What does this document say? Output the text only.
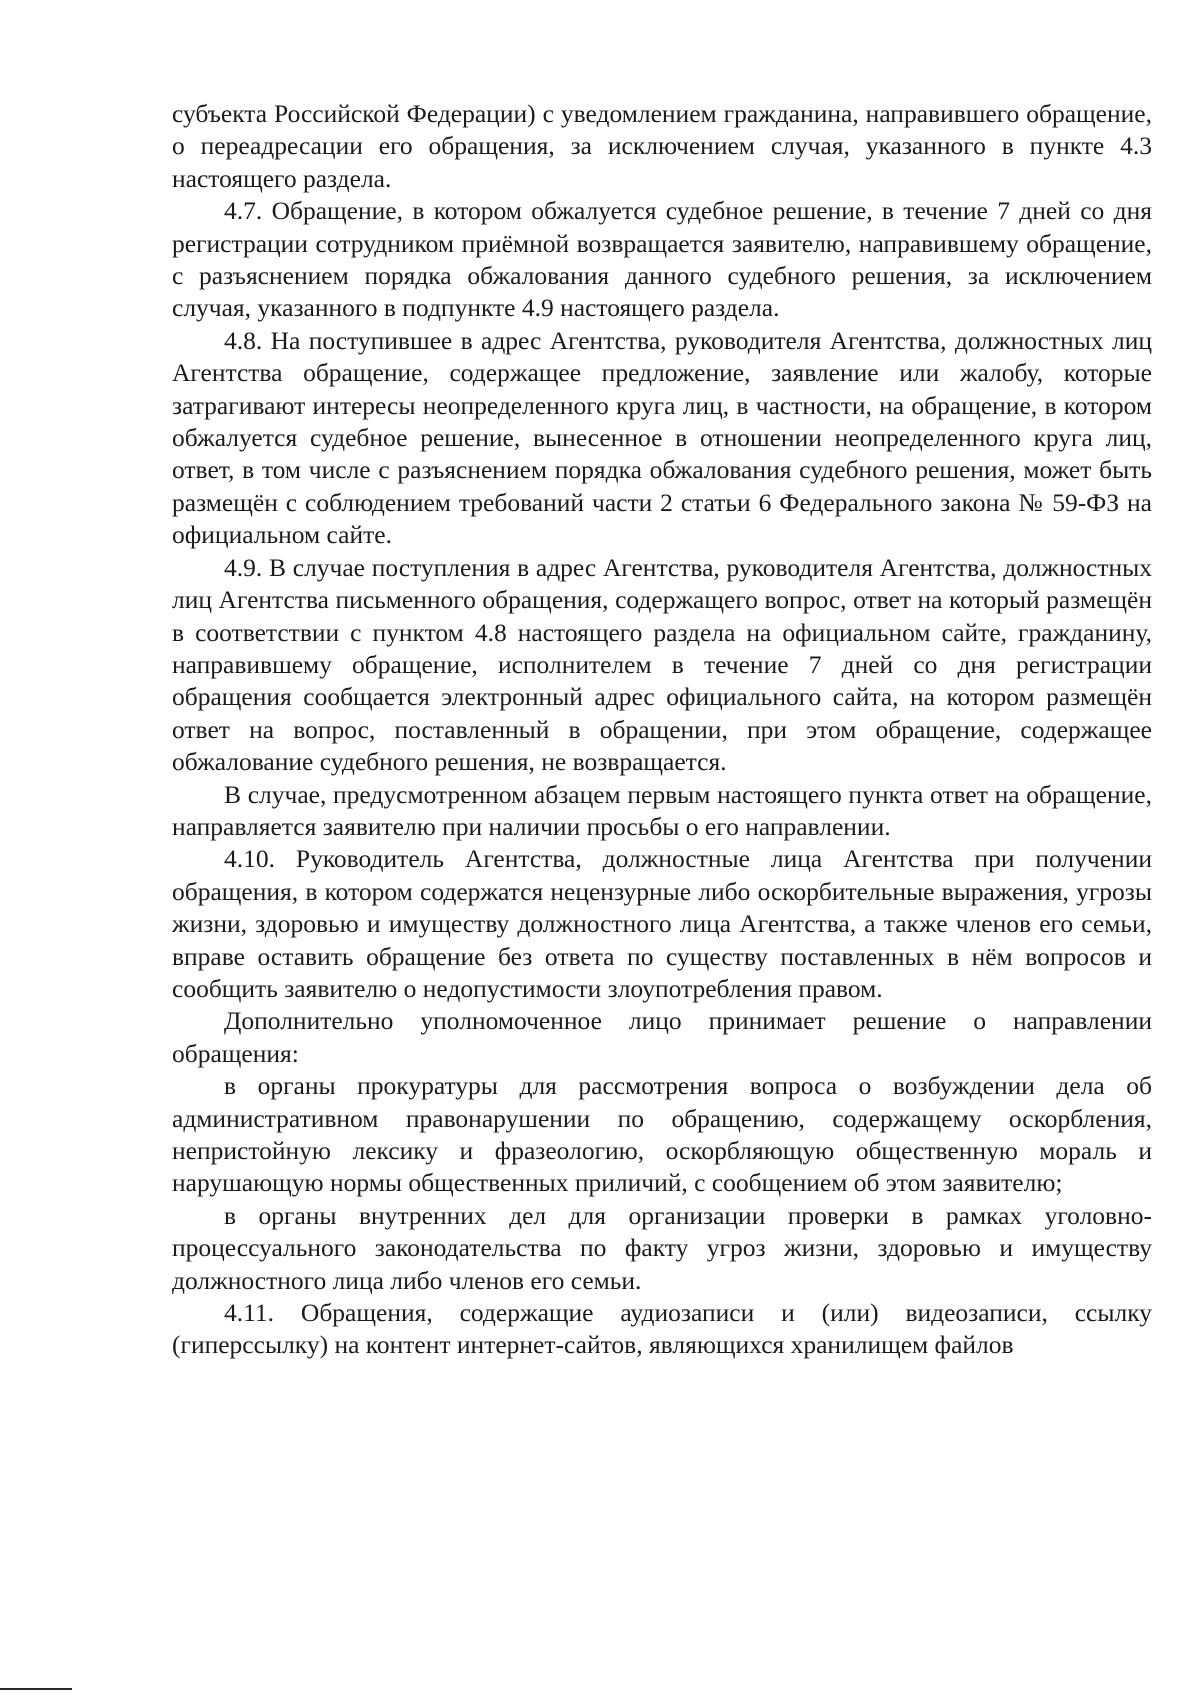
субъекта Российской Федерации) с уведомлением гражданина, направившего обращение, о переадресации его обращения, за исключением случая, указанного в пункте 4.3 настоящего раздела.

4.7. Обращение, в котором обжалуется судебное решение, в течение 7 дней со дня регистрации сотрудником приёмной возвращается заявителю, направившему обращение, с разъяснением порядка обжалования данного судебного решения, за исключением случая, указанного в подпункте 4.9 настоящего раздела.

4.8. На поступившее в адрес Агентства, руководителя Агентства, должностных лиц Агентства обращение, содержащее предложение, заявление или жалобу, которые затрагивают интересы неопределенного круга лиц, в частности, на обращение, в котором обжалуется судебное решение, вынесенное в отношении неопределенного круга лиц, ответ, в том числе с разъяснением порядка обжалования судебного решения, может быть размещён с соблюдением требований части 2 статьи 6 Федерального закона № 59-ФЗ на официальном сайте.

4.9. В случае поступления в адрес Агентства, руководителя Агентства, должностных лиц Агентства письменного обращения, содержащего вопрос, ответ на который размещён в соответствии с пунктом 4.8 настоящего раздела на официальном сайте, гражданину, направившему обращение, исполнителем в течение 7 дней со дня регистрации обращения сообщается электронный адрес официального сайта, на котором размещён ответ на вопрос, поставленный в обращении, при этом обращение, содержащее обжалование судебного решения, не возвращается.

В случае, предусмотренном абзацем первым настоящего пункта ответ на обращение, направляется заявителю при наличии просьбы о его направлении.

4.10. Руководитель Агентства, должностные лица Агентства при получении обращения, в котором содержатся нецензурные либо оскорбительные выражения, угрозы жизни, здоровью и имуществу должностного лица Агентства, а также членов его семьи, вправе оставить обращение без ответа по существу поставленных в нём вопросов и сообщить заявителю о недопустимости злоупотребления правом.

Дополнительно уполномоченное лицо принимает решение о направлении обращения:

в органы прокуратуры для рассмотрения вопроса о возбуждении дела об административном правонарушении по обращению, содержащему оскорбления, непристойную лексику и фразеологию, оскорбляющую общественную мораль и нарушающую нормы общественных приличий, с сообщением об этом заявителю;

в органы внутренних дел для организации проверки в рамках уголовно-процессуального законодательства по факту угроз жизни, здоровью и имуществу должностного лица либо членов его семьи.

4.11. Обращения, содержащие аудиозаписи и (или) видеозаписи, ссылку (гиперссылку) на контент интернет-сайтов, являющихся хранилищем файлов
